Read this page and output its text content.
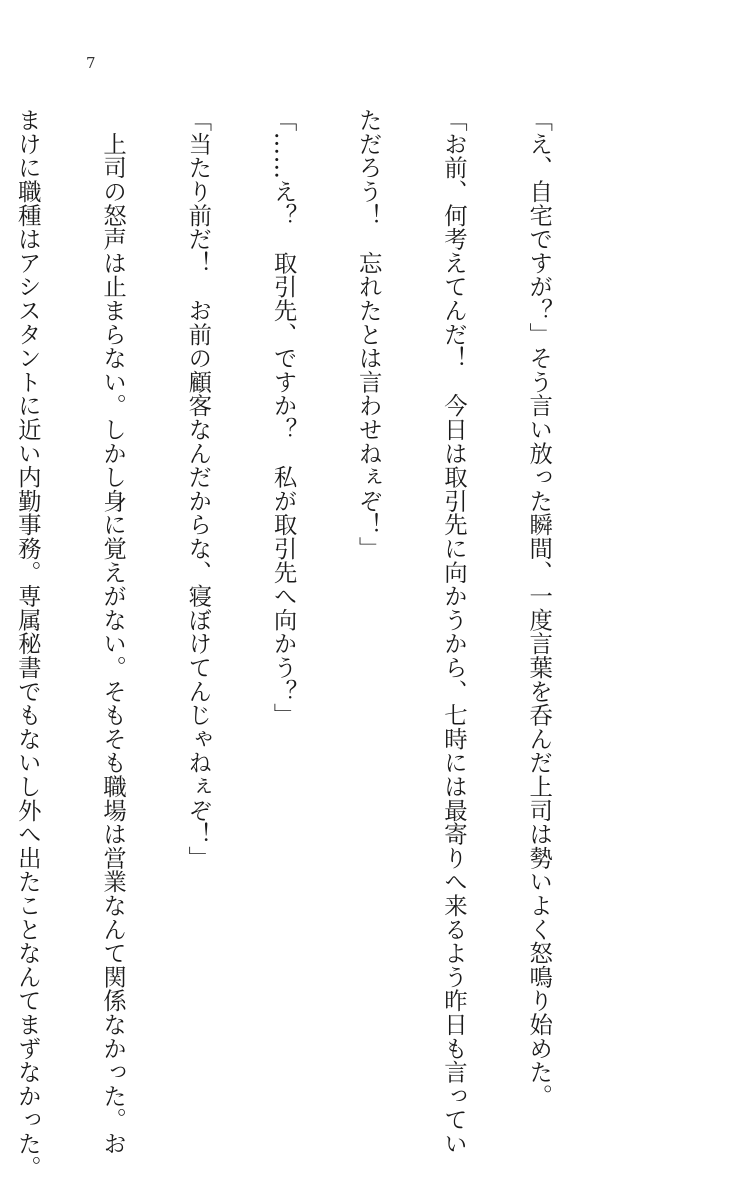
7

「え、自宅ですが？」そう言い放った瞬間、一度言葉を呑んだ上司は勢いよく怒鳴り始めた。

「お前、何考えてんだ！　今日は取引先に向かうから、七時には最寄りへ来るよう昨日も言ってい

ただろう！　忘れたとは言わせねぇぞ！」

「……え？　取引先、ですか？　私が取引先へ向かう？」

「当たり前だ！　お前の顧客なんだからな、寝ぼけてんじゃねぇぞ！」

　上司の怒声は止まらない。しかし身に覚えがない。そもそも職場は営業なんて関係なかった。お

まけに職種はアシスタントに近い内勤事務。専属秘書でもないし外へ出たことなんてまずなかった。
